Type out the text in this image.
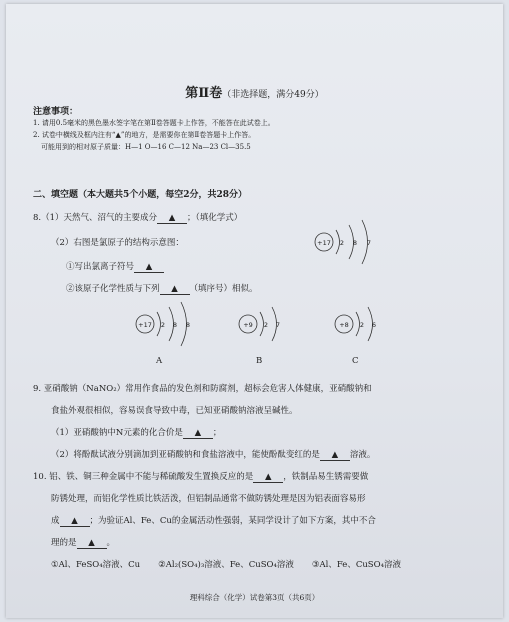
第Ⅱ卷（非选择题，满分49分）
注意事项：
1. 请用0.5毫米的黑色墨水签字笔在第Ⅱ卷答题卡上作答，不能答在此试卷上。
2. 试卷中横线及框内注有“▲”的地方，是需要你在第Ⅱ卷答题卡上作答。
可能用到的相对原子质量：H—1 O—16 C—12 Na—23 Cl—35.5
二、填空题（本大题共5个小题，每空2分，共28分）
8.（1）天然气、沼气的主要成分 ▲ ；（填化学式）
（2）右图是氯原子的结构示意图：
①写出氯离子符号 ▲
②该原子化学性质与下列 ▲ （填序号）相似。
+17 2 8 7
+17 2 8 8	+9 2 7	+8 2 6
A	B	C
9. 亚硝酸钠（NaNO₂）常用作食品的发色剂和防腐剂，超标会危害人体健康，亚硝酸钠和
食盐外观很相似，容易误食导致中毒，已知亚硝酸钠溶液呈碱性。
（1）亚硝酸钠中N元素的化合价是 ▲ ；
（2）将酚酞试液分别滴加到亚硝酸钠和食盐溶液中，能使酚酞变红的是 ▲ 溶液。
10. 铝、铁、铜三种金属中不能与稀硫酸发生置换反应的是 ▲ ，铁制品易生锈需要做
防锈处理，而铝化学性质比铁活泼，但铝制品通常不做防锈处理是因为铝表面容易形
成 ▲ ；为验证Al、Fe、Cu的金属活动性强弱，某同学设计了如下方案，其中不合
理的是 ▲ 。
①Al、FeSO₄溶液、Cu ②Al₂(SO₄)₃溶液、Fe、CuSO₄溶液 ③Al、Fe、CuSO₄溶液
理科综合（化学）试卷第3页（共6页）
